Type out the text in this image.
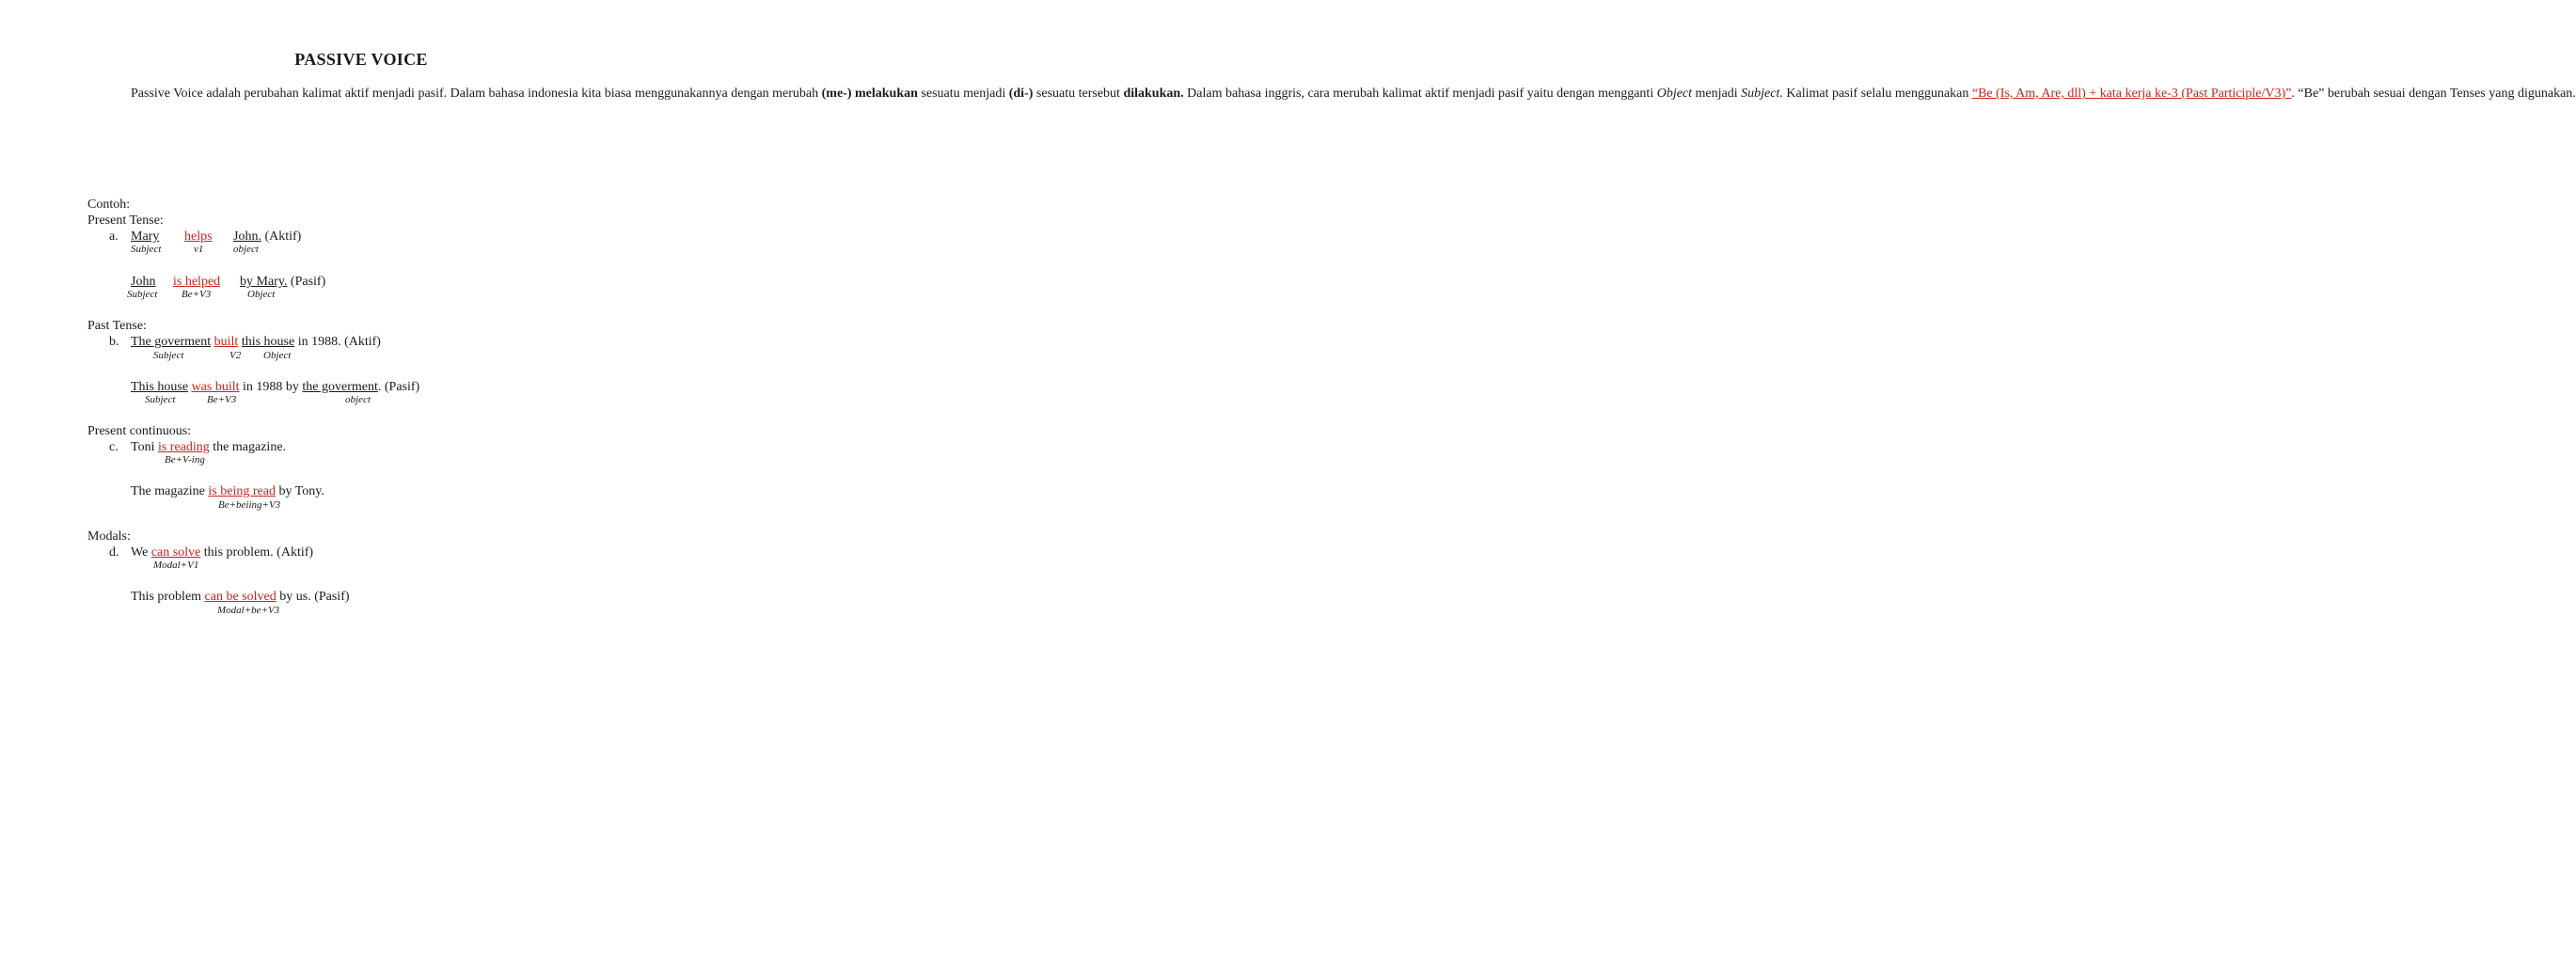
PASSIVE VOICE
Passive Voice adalah perubahan kalimat aktif menjadi pasif. Dalam bahasa indonesia kita biasa menggunakannya dengan merubah (me-) melakukan sesuatu menjadi (di-) sesuatu tersebut dilakukan. Dalam bahasa inggris, cara merubah kalimat aktif menjadi pasif yaitu dengan mengganti Object menjadi Subject. Kalimat pasif selalu menggunakan “Be (Is, Am, Are, dll) + kata kerja ke-3 (Past Participle/V3)”. “Be” berubah sesuai dengan Tenses yang digunakan.
Contoh:
Present Tense:
a. Mary helps John. (Aktif)
Subject	v1	object
John is helped by Mary. (Pasif)
Subject Be+V3	Object
Past Tense:
b. The goverment built this house in 1988. (Aktif)
Subject	V2 Object
This house was built in 1988 by the goverment. (Pasif)
Subject	Be+V3	object
Present continuous:
c. Toni is reading the magazine.
Be+V-ing
The magazine is being read by Tony.
Be+beiing+V3
Modals:
d. We can solve this problem. (Aktif)
Modal+V1
This problem can be solved by us. (Pasif)
Modal+be+V3
